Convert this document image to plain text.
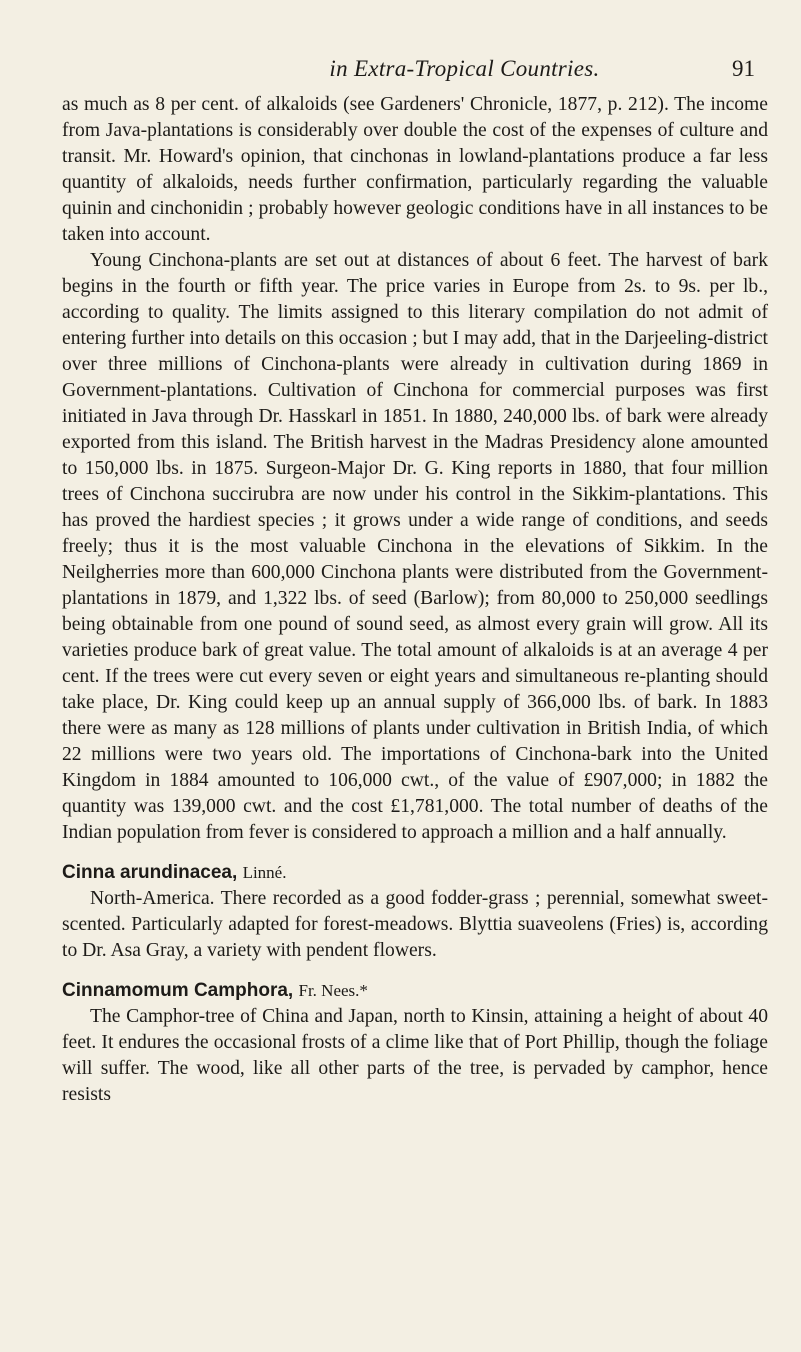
in Extra-Tropical Countries.	91

as much as 8 per cent. of alkaloids (see Gardeners' Chronicle, 1877, p. 212). The income from Java-plantations is considerably over double the cost of the expenses of culture and transit. Mr. Howard's opinion, that cinchonas in lowland-plantations produce a far less quantity of alkaloids, needs further confirmation, particularly regarding the valuable quinin and cinchonidin ; probably however geologic conditions have in all instances to be taken into account.

Young Cinchona-plants are set out at distances of about 6 feet. The harvest of bark begins in the fourth or fifth year. The price varies in Europe from 2s. to 9s. per lb., according to quality. The limits assigned to this literary compilation do not admit of entering further into details on this occasion ; but I may add, that in the Darjeeling-district over three millions of Cinchona-plants were already in cultivation during 1869 in Government-plantations. Cultivation of Cinchona for commercial purposes was first initiated in Java through Dr. Hasskarl in 1851. In 1880, 240,000 lbs. of bark were already exported from this island. The British harvest in the Madras Presidency alone amounted to 150,000 lbs. in 1875. Surgeon-Major Dr. G. King reports in 1880, that four million trees of Cinchona succirubra are now under his control in the Sikkim-plantations. This has proved the hardiest species ; it grows under a wide range of conditions, and seeds freely; thus it is the most valuable Cinchona in the elevations of Sikkim. In the Neilgherries more than 600,000 Cinchona plants were distributed from the Government-plantations in 1879, and 1,322 lbs. of seed (Barlow); from 80,000 to 250,000 seedlings being obtainable from one pound of sound seed, as almost every grain will grow. All its varieties produce bark of great value. The total amount of alkaloids is at an average 4 per cent. If the trees were cut every seven or eight years and simultaneous re-planting should take place, Dr. King could keep up an annual supply of 366,000 lbs. of bark. In 1883 there were as many as 128 millions of plants under cultivation in British India, of which 22 millions were two years old. The importations of Cinchona-bark into the United Kingdom in 1884 amounted to 106,000 cwt., of the value of £907,000; in 1882 the quantity was 139,000 cwt. and the cost £1,781,000. The total number of deaths of the Indian population from fever is considered to approach a million and a half annually.

Cinna arundinacea, Linné.

North-America. There recorded as a good fodder-grass ; perennial, somewhat sweet-scented. Particularly adapted for forest-meadows. Blyttia suaveolens (Fries) is, according to Dr. Asa Gray, a variety with pendent flowers.

Cinnamomum Camphora, Fr. Nees.*

The Camphor-tree of China and Japan, north to Kinsin, attaining a height of about 40 feet. It endures the occasional frosts of a clime like that of Port Phillip, though the foliage will suffer. The wood, like all other parts of the tree, is pervaded by camphor, hence resists
